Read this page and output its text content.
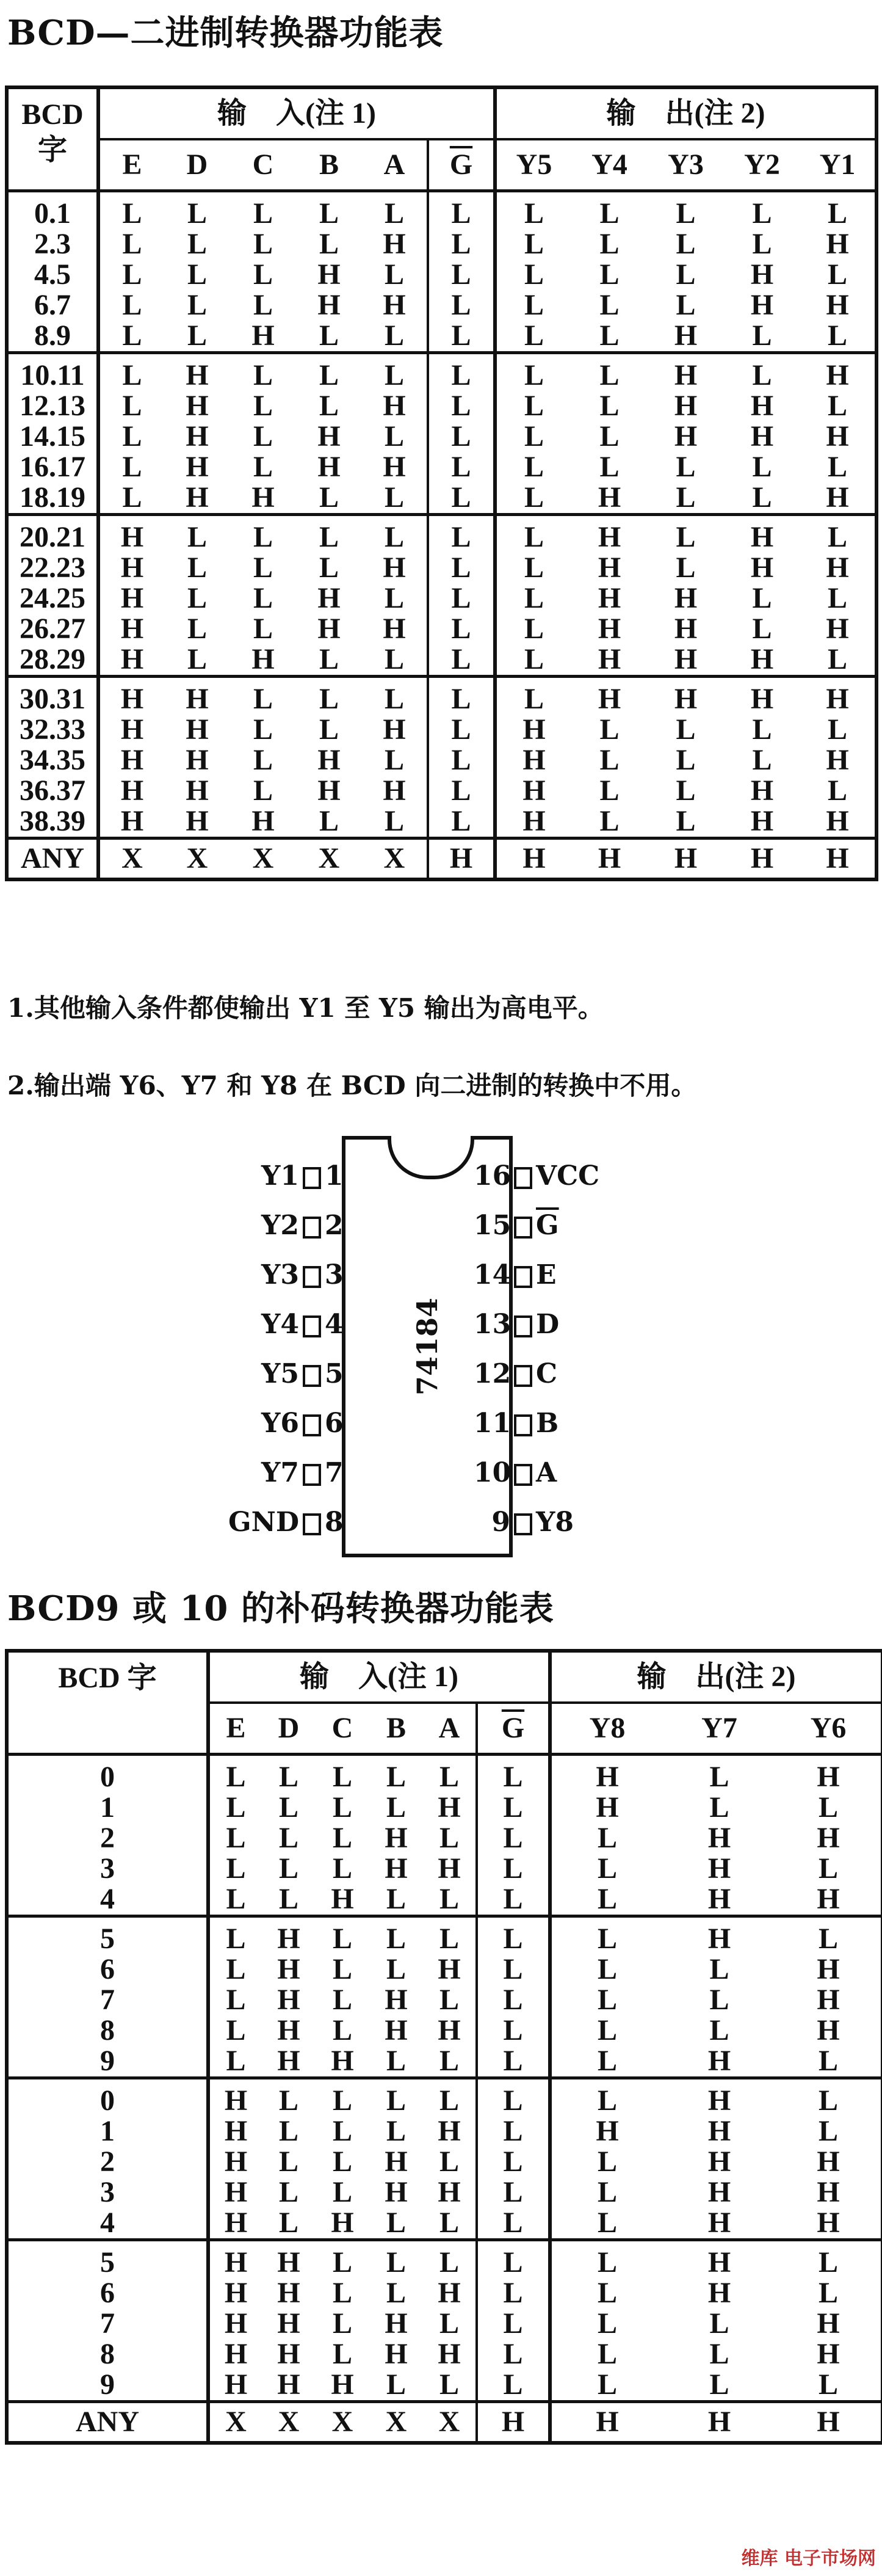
BCD—二进制转换器功能表
BCD
字	输　入(注 1)						输　出(注 2)				
	E	D	C	B	A	$\overline{G}$	Y5	Y4	Y3	Y2	Y1
0.1	L	L	L	L	L	L	L	L	L	L	L
2.3	L	L	L	L	H	L	L	L	L	L	H
4.5	L	L	L	H	L	L	L	L	L	H	L
6.7	L	L	L	H	H	L	L	L	L	H	H
8.9	L	L	H	L	L	L	L	L	H	L	L
10.11	L	H	L	L	L	L	L	L	H	L	H
12.13	L	H	L	L	H	L	L	L	H	H	L
14.15	L	H	L	H	L	L	L	L	H	H	H
16.17	L	H	L	H	H	L	L	L	L	L	L
18.19	L	H	H	L	L	L	L	H	L	L	H
20.21	H	L	L	L	L	L	L	H	L	H	L
22.23	H	L	L	L	H	L	L	H	L	H	H
24.25	H	L	L	H	L	L	L	H	H	L	L
26.27	H	L	L	H	H	L	L	H	H	L	H
28.29	H	L	H	L	L	L	L	H	H	H	L
30.31	H	H	L	L	L	L	L	H	H	H	H
32.33	H	H	L	L	H	L	H	L	L	L	L
34.35	H	H	L	H	L	L	H	L	L	L	H
36.37	H	H	L	H	H	L	H	L	L	H	L
38.39	H	H	H	L	L	L	H	L	L	H	H
ANY	X	X	X	X	X	H	H	H	H	H	H
1.其他输入条件都使输出 Y1 至 Y5 输出为高电平。
2.输出端 Y6、Y7 和 Y8 在 BCD 向二进制的转换中不用。
74184
Y1 1
Y2 2
Y3 3
Y4 4
Y5 5
Y6 6
Y7 7
GND 8
16 VCC
15 $\overline{G}$
14 E
13 D
12 C
11 B
10 A
9 Y8
BCD9 或 10 的补码转换器功能表
BCD 字	输　入(注 1)						输　出(注 2)		
	E	D	C	B	A	$\overline{G}$	Y8	Y7	Y6
0	L	L	L	L	L	L	H	L	H
1	L	L	L	L	H	L	H	L	L
2	L	L	L	H	L	L	L	H	H
3	L	L	L	H	H	L	L	H	L
4	L	L	H	L	L	L	L	H	H
5	L	H	L	L	L	L	L	H	L
6	L	H	L	L	H	L	L	L	H
7	L	H	L	H	L	L	L	L	H
8	L	H	L	H	H	L	L	L	H
9	L	H	H	L	L	L	L	H	L
0	H	L	L	L	L	L	L	H	L
1	H	L	L	L	H	L	H	H	L
2	H	L	L	H	L	L	L	H	H
3	H	L	L	H	H	L	L	H	H
4	H	L	H	L	L	L	L	H	H
5	H	H	L	L	L	L	L	H	L
6	H	H	L	L	H	L	L	H	L
7	H	H	L	H	L	L	L	L	H
8	H	H	L	H	H	L	L	L	H
9	H	H	H	L	L	L	L	L	L
ANY	X	X	X	X	X	H	H	H	H
维库 电子市场网
